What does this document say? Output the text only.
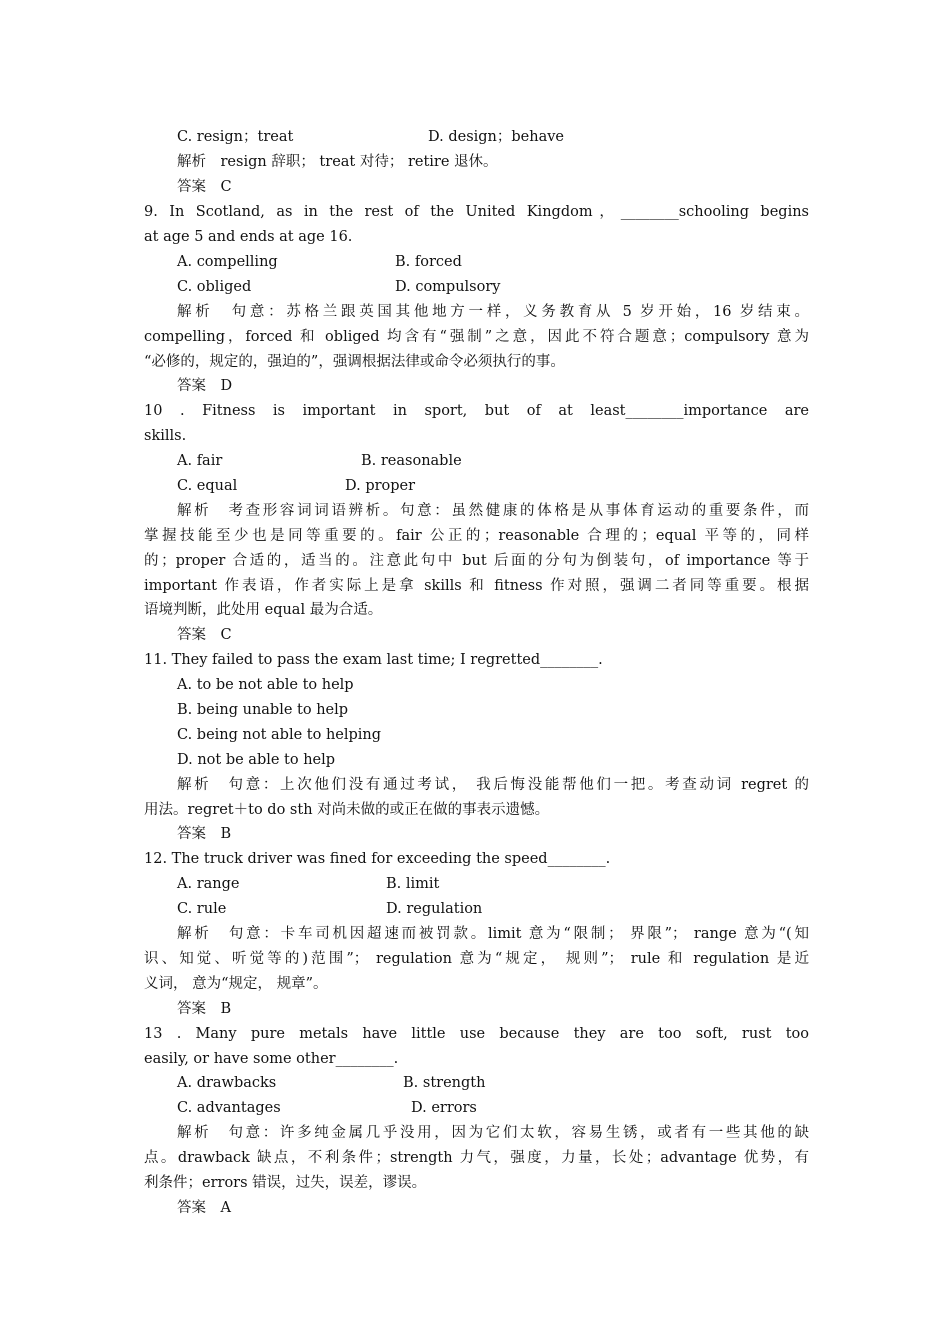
C. resign；treat	D. design；behave
解析　resign 辞职； treat 对待； retire 退休。
答案　C
9. In Scotland, as in the rest of the United Kingdom，________schooling begins
at age 5 and ends at age 16.
A. compelling	B. forced
C. obliged	D. compulsory
解析　句意：苏格兰跟英国其他地方一样，义务教育从 5 岁开始，16 岁结束。
compelling，forced 和 obliged 均含有“强制”之意，因此不符合题意；compulsory 意为
“必修的，规定的，强迫的”，强调根据法律或命令必须执行的事。
答案　D
10 . Fitness is important in sport, but of at least________importance are
skills.
A. fair	B. reasonable
C. equal	D. proper
解析　考查形容词词语辨析。句意：虽然健康的体格是从事体育运动的重要条件，而
掌握技能至少也是同等重要的。fair 公正的；reasonable 合理的；equal 平等的，同样
的；proper 合适的，适当的。注意此句中 but 后面的分句为倒装句，of importance 等于
important 作表语，作者实际上是拿 skills 和 fitness 作对照，强调二者同等重要。根据
语境判断，此处用 equal 最为合适。
答案　C
11. They failed to pass the exam last time; I regretted________.
A. to be not able to help
B. being unable to help
C. being not able to helping
D. not be able to help
解析　句意：上次他们没有通过考试， 我后悔没能帮他们一把。考查动词 regret 的
用法。regret＋to do sth 对尚未做的或正在做的事表示遗憾。
答案　B
12. The truck driver was fined for exceeding the speed________.
A. range	B. limit
C. rule	D. regulation
解析　句意：卡车司机因超速而被罚款。limit 意为“限制； 界限”； range 意为“(知
识、知觉、听觉等的)范围”； regulation 意为“规定， 规则”； rule 和 regulation 是近
义词， 意为“规定， 规章”。
答案　B
13 . Many pure metals have little use because they are too soft, rust too
easily, or have some other________.
A. drawbacks	B. strength
C. advantages	D. errors
解析　句意：许多纯金属几乎没用，因为它们太软，容易生锈，或者有一些其他的缺
点。drawback 缺点，不利条件；strength 力气，强度，力量，长处；advantage 优势，有
利条件；errors 错误，过失，误差，谬误。
答案　A
